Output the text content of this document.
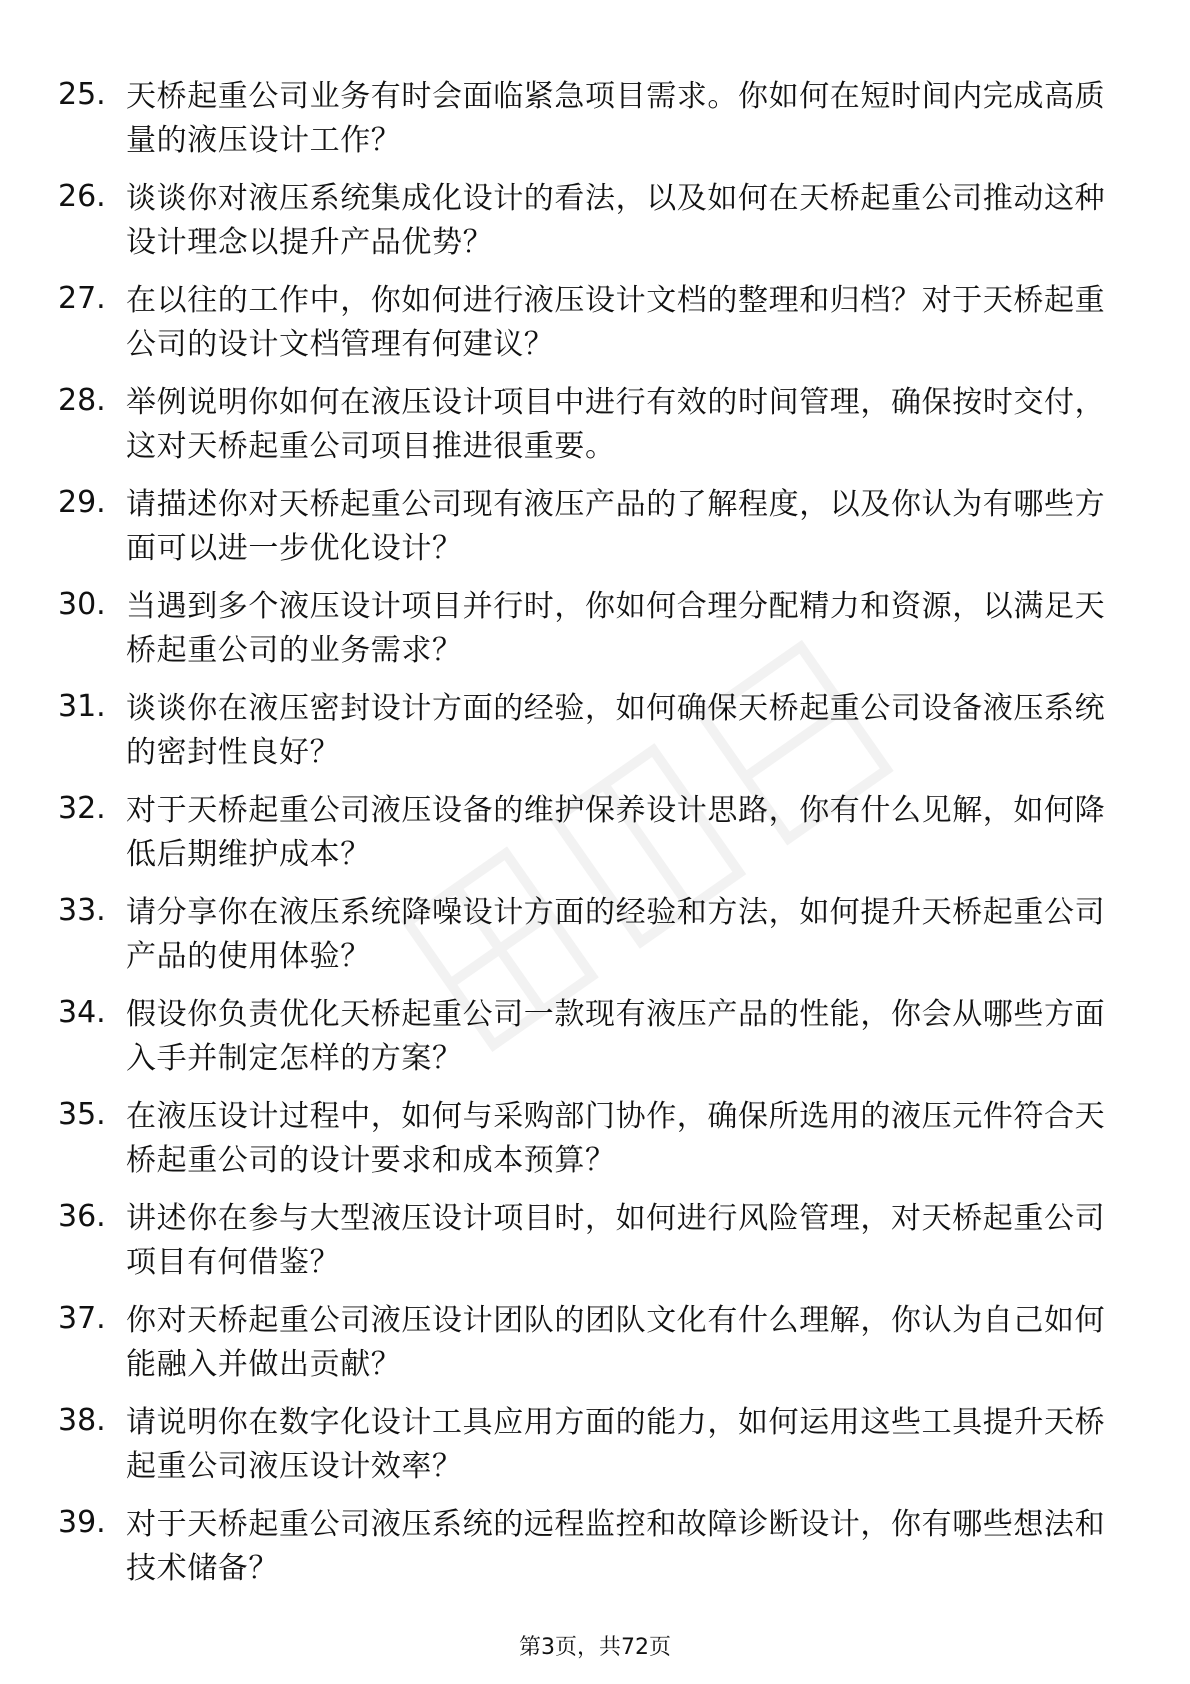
25. 天桥起重公司业务有时会面临紧急项目需求。你如何在短时间内完成高质量的液压设计工作？
26. 谈谈你对液压系统集成化设计的看法，以及如何在天桥起重公司推动这种设计理念以提升产品优势？
27. 在以往的工作中，你如何进行液压设计文档的整理和归档？对于天桥起重公司的设计文档管理有何建议？
28. 举例说明你如何在液压设计项目中进行有效的时间管理，确保按时交付，这对天桥起重公司项目推进很重要。
29. 请描述你对天桥起重公司现有液压产品的了解程度，以及你认为有哪些方面可以进一步优化设计？
30. 当遇到多个液压设计项目并行时，你如何合理分配精力和资源，以满足天桥起重公司的业务需求？
31. 谈谈你在液压密封设计方面的经验，如何确保天桥起重公司设备液压系统的密封性良好？
32. 对于天桥起重公司液压设备的维护保养设计思路，你有什么见解，如何降低后期维护成本？
33. 请分享你在液压系统降噪设计方面的经验和方法，如何提升天桥起重公司产品的使用体验？
34. 假设你负责优化天桥起重公司一款现有液压产品的性能，你会从哪些方面入手并制定怎样的方案？
35. 在液压设计过程中，如何与采购部门协作，确保所选用的液压元件符合天桥起重公司的设计要求和成本预算？
36. 讲述你在参与大型液压设计项目时，如何进行风险管理，对天桥起重公司项目有何借鉴？
37. 你对天桥起重公司液压设计团队的团队文化有什么理解，你认为自己如何能融入并做出贡献？
38. 请说明你在数字化设计工具应用方面的能力，如何运用这些工具提升天桥起重公司液压设计效率？
39. 对于天桥起重公司液压系统的远程监控和故障诊断设计，你有哪些想法和技术储备？
第3页，共72页
